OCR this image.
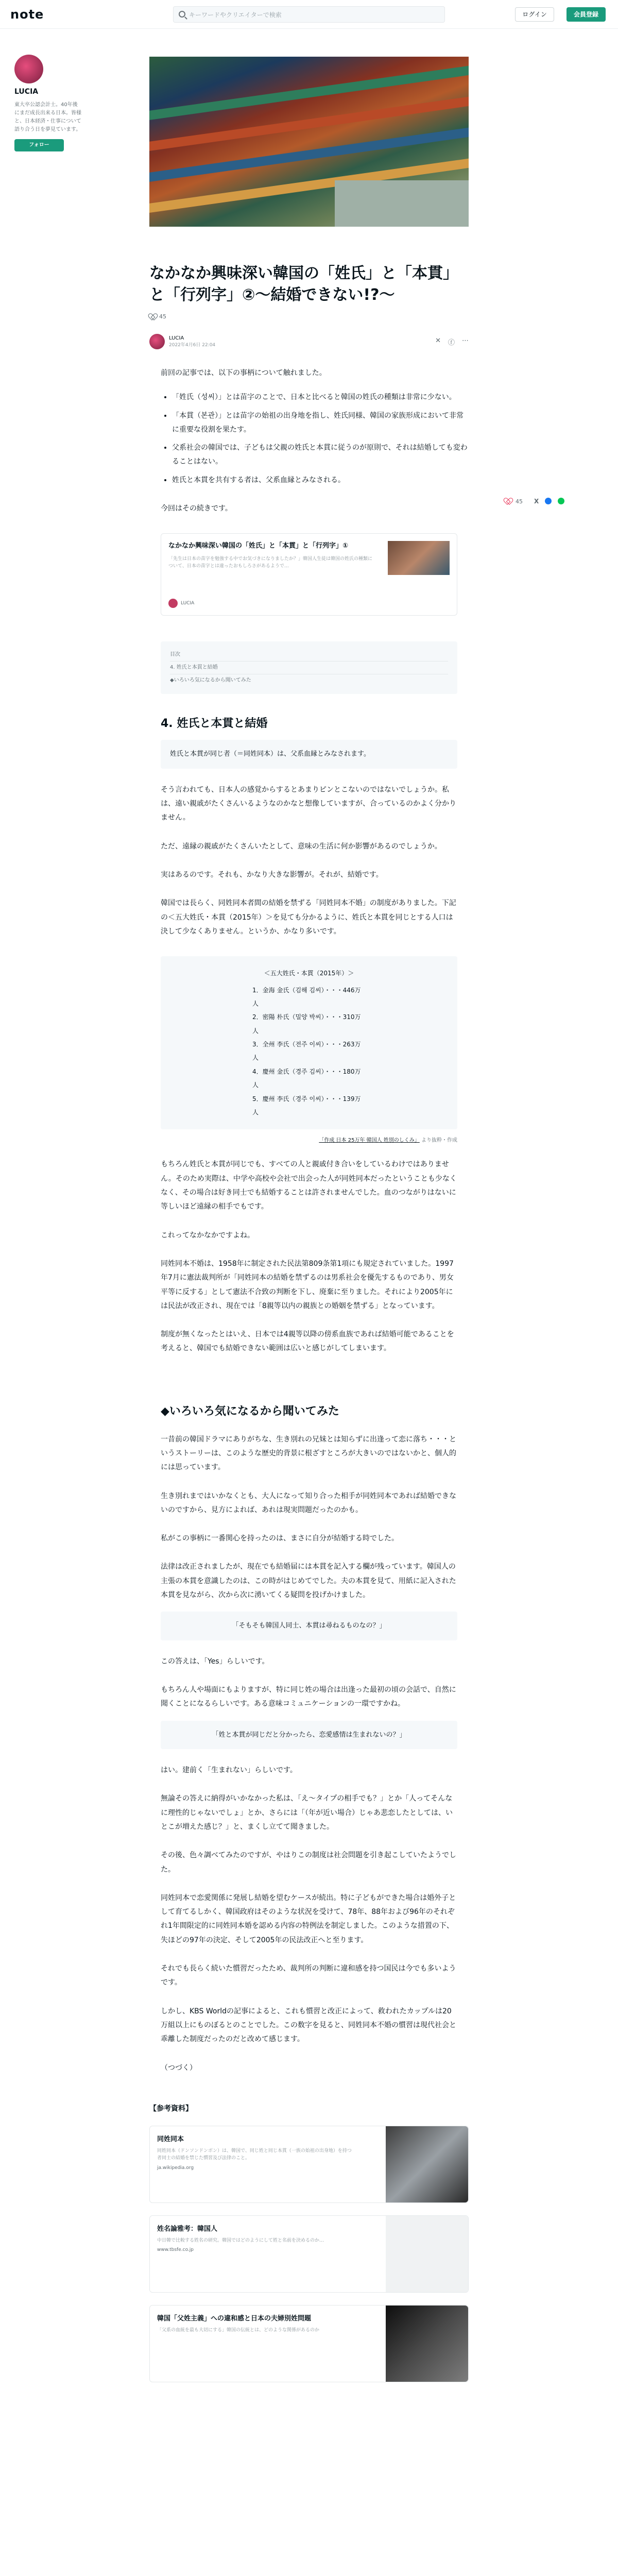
note	キーワードやクリエイターで検索	ログイン	会員登録
LUCIA
東大卒公認会計士。40年後にまだ成長出来る日本。皆様と、日本経済・仕事について語り合う日を夢見ています。
フォロー
45 X
なかなか興味深い韓国の「姓氏」と「本貫」と「行列字」②～結婚できない!?～
45
LUCIA
2022年4月6日 22:04
✕ ⓕ ⋯
前回の記事では、以下の事柄について触れました。
• 「姓氏（성씨）」とは苗字のことで、日本と比べると韓国の姓氏の種類は非常に少ない。
• 「本貫（본관）」とは苗字の始祖の出身地を指し、姓氏同様、韓国の家族形成において非常に重要な役割を果たす。
• 父系社会の韓国では、子どもは父親の姓氏と本貫に従うのが原則で、それは結婚しても変わることはない。
• 姓氏と本貫を共有する者は、父系血縁とみなされる。
今回はその続きです。
なかなか興味深い韓国の「姓氏」と「本貫」と「行列字」①
「先生は日本の苗字を勉強する中でお気づきになりましたか？」韓国人生徒は韓国の姓氏の種類について、日本の苗字とは違ったおもしろさがあるようで…
LUCIA
目次
4. 姓氏と本貫と結婚
◆いろいろ気になるから聞いてみた
4. 姓氏と本貫と結婚
姓氏と本貫が同じ者（＝同姓同本）は、父系血縁とみなされます。
そう言われても、日本人の感覚からするとあまりピンとこないのではないでしょうか。私は、遠い親戚がたくさんいるようなのかなと想像していますが、合っているのかよく分かりません。
ただ、遠縁の親戚がたくさんいたとして、意味の生活に何か影響があるのでしょうか。
実はあるのです。それも、かなり大きな影響が。それが、結婚です。
韓国では長らく、同姓同本者間の結婚を禁ずる「同姓同本不婚」の制度がありました。下記の＜五大姓氏・本貫（2015年）＞を見ても分かるように、姓氏と本貫を同じとする人口は決して少なくありません。というか、かなり多いです。
＜五大姓氏・本貫（2015年）＞
1．金海 金氏（김해 김씨）・・・446万人
2．密陽 朴氏（밀양 박씨）・・・310万人
3．全州 李氏（전주 이씨）・・・263万人
4．慶州 金氏（경주 김씨）・・・180万人
5．慶州 李氏（경주 이씨）・・・139万人
「作成 日本 25万年 韓国人 姓別のしくみ」 より抜粋・作成
もちろん姓氏と本貫が同じでも、すべての人と親戚付き合いをしているわけではありません。そのため実際は、中学や高校や会社で出会った人が同姓同本だったということも少なくなく、その場合は好き同士でも結婚することは許されませんでした。血のつながりはないに等しいほど遠縁の相手でもです。
これってなかなかですよね。
同姓同本不婚は、1958年に制定された民法第809条第1項にも規定されていました。1997年7月に憲法裁判所が「同姓同本の結婚を禁ずるのは男系社会を優先するものであり、男女平等に反する」として憲法不合致の判断を下し、廃棄に至りました。それにより2005年には民法が改正され、現在では「8親等以内の親族との婚姻を禁ずる」となっています。
制度が無くなったとはいえ、日本では4親等以降の傍系血族であれば結婚可能であることを考えると、韓国でも結婚できない範囲は広いと感じがしてしまいます。
◆いろいろ気になるから聞いてみた
一昔前の韓国ドラマにありがちな、生き別れの兄妹とは知らずに出逢って恋に落ち・・・というストーリーは、このような歴史的背景に根ざすところが大きいのではないかと、個人的には思っています。
生き別れまではいかなくとも、大人になって知り合った相手が同姓同本であれば結婚できないのですから、見方によれば、あれは現実問題だったのかも。
私がこの事柄に一番関心を持ったのは、まさに自分が結婚する時でした。
法律は改正されましたが、現在でも結婚届には本貫を記入する欄が残っています。韓国人の主張の本貫を意識したのは、この時がはじめてでした。夫の本貫を見て、用紙に記入された本貫を見ながら、次から次に湧いてくる疑問を投げかけました。
「そもそも韓国人同士、本貫は尋ねるものなの？」
この答えは、「Yes」らしいです。
もちろん人や場面にもよりますが、特に同じ姓の場合は出逢った最初の頃の会話で、自然に聞くことになるらしいです。ある意味コミュニケーションの一環ですかね。
「姓と本貫が同じだと分かったら、恋愛感情は生まれないの？」
はい。建前く「生まれない」らしいです。
無論その答えに納得がいかなかった私は、「え〜タイプの相手でも？」とか「人ってそんなに理性的じゃないでしょ」とか、さらには「（年が近い場合）じゃあ悲恋したとしては、いとこが増えた感じ？」と、まくし立てて聞きました。
その後、色々調べてみたのですが、やはりこの制度は社会問題を引き起こしていたようでした。
同姓同本で恋愛関係に発展し結婚を望むケースが続出。特に子どもができた場合は婚外子として育てるしかく、韓国政府はそのような状況を受けて、78年、88年および96年のそれぞれ1年間限定的に同姓同本婚を認める内容の特例法を制定しました。このような措置の下、失ほどの97年の決定、そして2005年の民法改正へと至ります。
それでも長らく続いた慣習だったため、裁判所の判断に違和感を持つ国民は今でも多いようです。
しかし、KBS Worldの記事によると、これも慣習と改正によって、救われたカップルは20万組以上にものぼるとのことでした。この数字を見ると、同姓同本不婚の慣習は現代社会と乖離した制度だったのだと改めて感じます。
（つづく）
【参考資料】
同姓同本
同姓同本（ドンソンドンボン）は、韓国で、同じ姓と同じ本貫（一族の始祖の出身地）を持つ者同士の結婚を禁じた慣習及び法律のこと。
ja.wikipedia.org
姓名論雅考：韓国人
中日韓で比較する姓名の研究。韓国ではどのようにして姓と名前を決めるのか…
www.tbsfe.co.jp
韓国「父姓主義」への違和感と日本の夫婦別姓問題
「父系の血統を最も大切にする」韓国の伝統とは、どのような関係があるのか
